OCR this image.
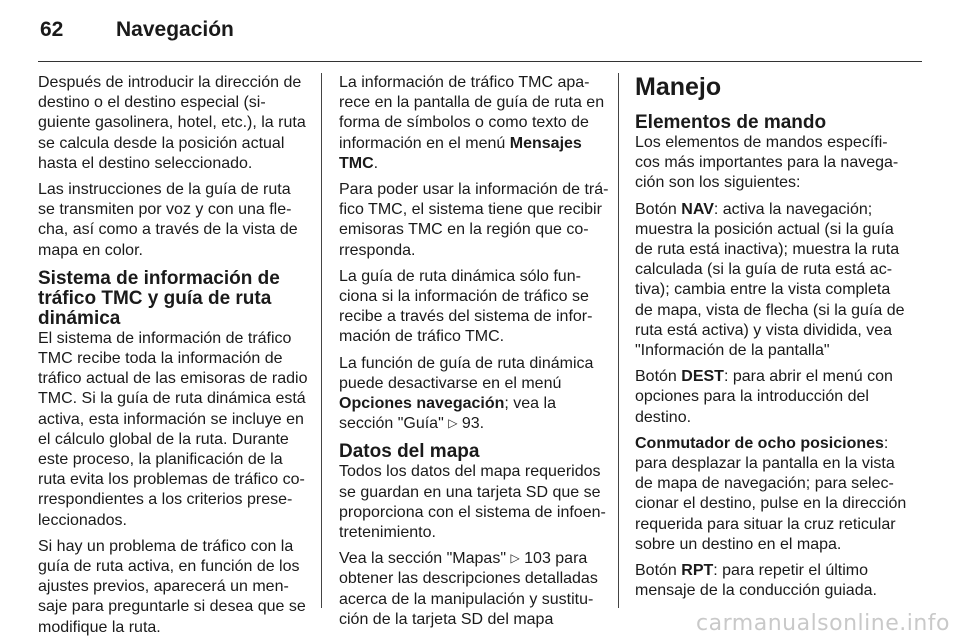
62	Navegación

Después de introducir la dirección de destino o el destino especial (siguiente gasolinera, hotel, etc.), la ruta se calcula desde la posición actual hasta el destino seleccionado.

Las instrucciones de la guía de ruta se transmiten por voz y con una flecha, así como a través de la vista de mapa en color.

Sistema de información de tráfico TMC y guía de ruta dinámica

El sistema de información de tráfico TMC recibe toda la información de tráfico actual de las emisoras de radio TMC. Si la guía de ruta dinámica está activa, esta información se incluye en el cálculo global de la ruta. Durante este proceso, la planificación de la ruta evita los problemas de tráfico correspondientes a los criterios preseleccionados.

Si hay un problema de tráfico con la guía de ruta activa, en función de los ajustes previos, aparecerá un mensaje para preguntarle si desea que se modifique la ruta.

La información de tráfico TMC aparece en la pantalla de guía de ruta en forma de símbolos o como texto de información en el menú Mensajes TMC.

Para poder usar la información de tráfico TMC, el sistema tiene que recibir emisoras TMC en la región que corresponda.

La guía de ruta dinámica sólo funciona si la información de tráfico se recibe a través del sistema de información de tráfico TMC.

La función de guía de ruta dinámica puede desactivarse en el menú Opciones navegación; vea la sección "Guía" ▷ 93.

Datos del mapa

Todos los datos del mapa requeridos se guardan en una tarjeta SD que se proporciona con el sistema de infoentretenimiento.

Vea la sección "Mapas" ▷ 103 para obtener las descripciones detalladas acerca de la manipulación y sustitución de la tarjeta SD del mapa

Manejo
Elementos de mando

Los elementos de mandos específicos más importantes para la navegación son los siguientes:

Botón NAV: activa la navegación; muestra la posición actual (si la guía de ruta está inactiva); muestra la ruta calculada (si la guía de ruta está activa); cambia entre la vista completa de mapa, vista de flecha (si la guía de ruta está activa) y vista dividida, vea "Información de la pantalla"

Botón DEST: para abrir el menú con opciones para la introducción del destino.

Conmutador de ocho posiciones: para desplazar la pantalla en la vista de mapa de navegación; para seleccionar el destino, pulse en la dirección requerida para situar la cruz reticular sobre un destino en el mapa.

Botón RPT: para repetir el último mensaje de la conducción guiada.

carmanualsonline.info
